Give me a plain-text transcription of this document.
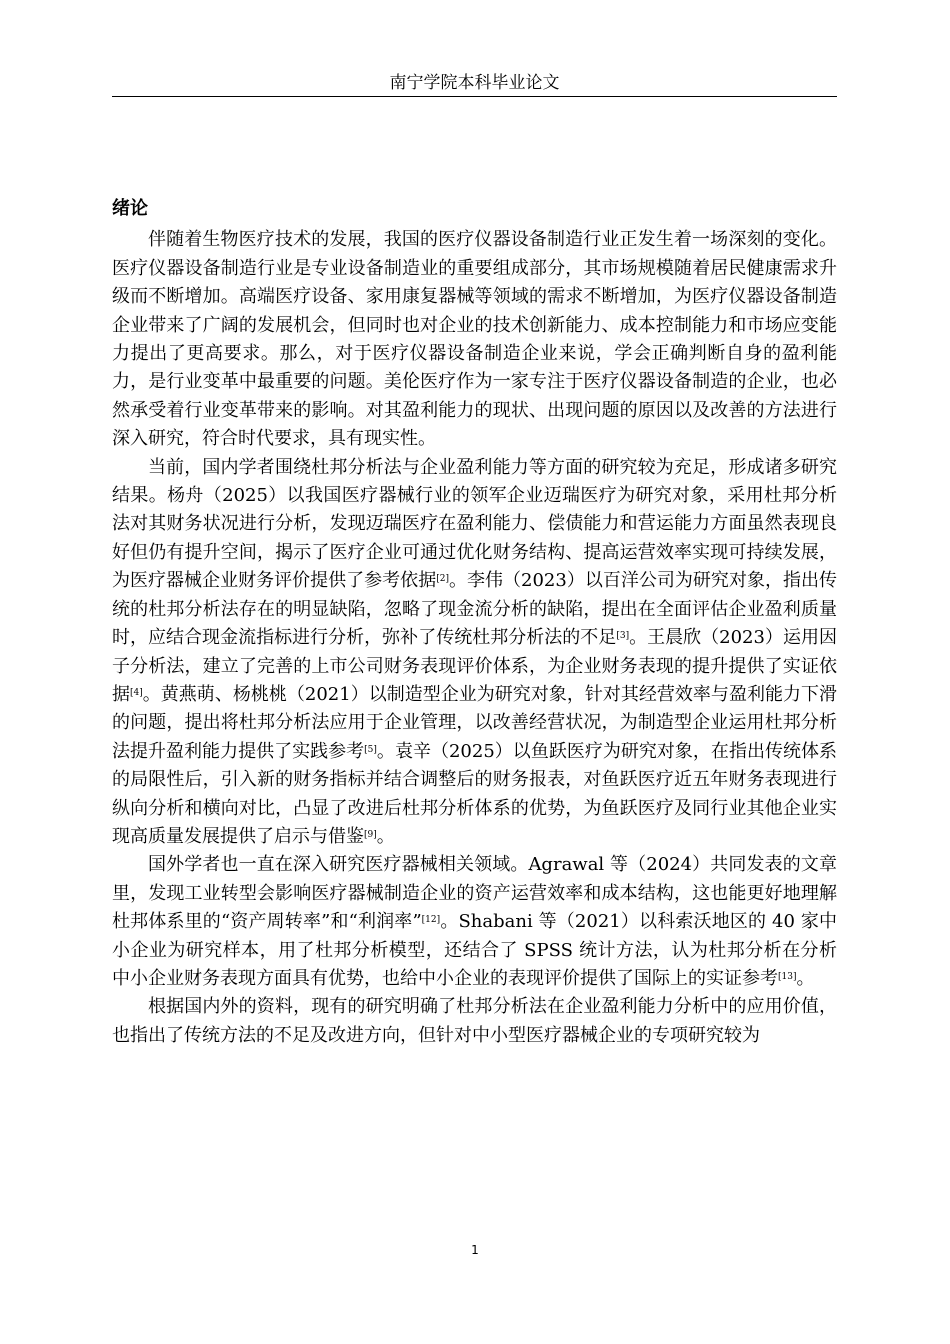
南宁学院本科毕业论文
绪论

伴随着生物医疗技术的发展，我国的医疗仪器设备制造行业正发生着一场深刻的变化。医疗仪器设备制造行业是专业设备制造业的重要组成部分，其市场规模随着居民健康需求升级而不断增加。高端医疗设备、家用康复器械等领域的需求不断增加，为医疗仪器设备制造企业带来了广阔的发展机会，但同时也对企业的技术创新能力、成本控制能力和市场应变能力提出了更高要求。那么，对于医疗仪器设备制造企业来说，学会正确判断自身的盈利能力，是行业变革中最重要的问题。美伦医疗作为一家专注于医疗仪器设备制造的企业，也必然承受着行业变革带来的影响。对其盈利能力的现状、出现问题的原因以及改善的方法进行深入研究，符合时代要求，具有现实性。

当前，国内学者围绕杜邦分析法与企业盈利能力等方面的研究较为充足，形成诸多研究结果。杨舟（2025）以我国医疗器械行业的领军企业迈瑞医疗为研究对象，采用杜邦分析法对其财务状况进行分析，发现迈瑞医疗在盈利能力、偿债能力和营运能力方面虽然表现良好但仍有提升空间，揭示了医疗企业可通过优化财务结构、提高运营效率实现可持续发展，为医疗器械企业财务评价提供了参考依据[2]。李伟（2023）以百洋公司为研究对象，指出传统的杜邦分析法存在的明显缺陷，忽略了现金流分析的缺陷，提出在全面评估企业盈利质量时，应结合现金流指标进行分析，弥补了传统杜邦分析法的不足[3]。王晨欣（2023）运用因子分析法，建立了完善的上市公司财务表现评价体系，为企业财务表现的提升提供了实证依据[4]。黄燕萌、杨桃桃（2021）以制造型企业为研究对象，针对其经营效率与盈利能力下滑的问题，提出将杜邦分析法应用于企业管理，以改善经营状况，为制造型企业运用杜邦分析法提升盈利能力提供了实践参考[5]。袁辛（2025）以鱼跃医疗为研究对象，在指出传统体系的局限性后，引入新的财务指标并结合调整后的财务报表，对鱼跃医疗近五年财务表现进行纵向分析和横向对比，凸显了改进后杜邦分析体系的优势，为鱼跃医疗及同行业其他企业实现高质量发展提供了启示与借鉴[9]。

国外学者也一直在深入研究医疗器械相关领域。Agrawal 等（2024）共同发表的文章里，发现工业转型会影响医疗器械制造企业的资产运营效率和成本结构，这也能更好地理解杜邦体系里的“资产周转率”和“利润率”[12]。Shabani 等（2021）以科索沃地区的 40 家中小企业为研究样本，用了杜邦分析模型，还结合了 SPSS 统计方法，认为杜邦分析在分析中小企业财务表现方面具有优势，也给中小企业的表现评价提供了国际上的实证参考[13]。

根据国内外的资料，现有的研究明确了杜邦分析法在企业盈利能力分析中的应用价值，也指出了传统方法的不足及改进方向，但针对中小型医疗器械企业的专项研究较为

1
